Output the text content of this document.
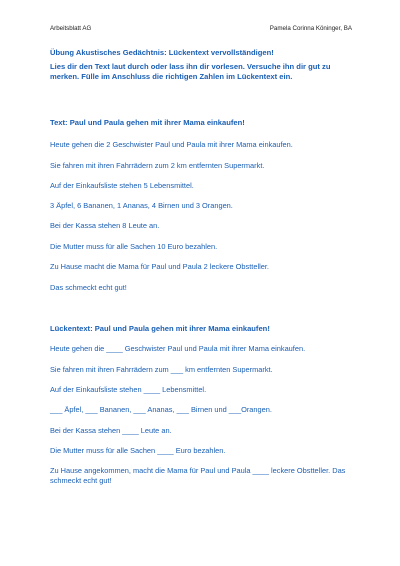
Arbeitsblatt AG	Pamela Corinna Köninger, BA
Übung Akustisches Gedächtnis: Lückentext vervollständigen!
Lies dir den Text laut durch oder lass ihn dir vorlesen. Versuche ihn dir gut zu merken. Fülle im Anschluss die richtigen Zahlen im Lückentext ein.
Text: Paul und Paula gehen mit ihrer Mama einkaufen!
Heute gehen die 2 Geschwister Paul und Paula mit ihrer Mama einkaufen.
Sie fahren mit ihren Fahrrädern zum 2 km entfernten Supermarkt.
Auf der Einkaufsliste stehen 5 Lebensmittel.
3 Äpfel, 6 Bananen, 1 Ananas, 4 Birnen und 3 Orangen.
Bei der Kassa stehen 8 Leute an.
Die Mutter muss für alle Sachen 10 Euro bezahlen.
Zu Hause macht die Mama für Paul und Paula 2 leckere Obstteller.
Das schmeckt echt gut!
Lückentext: Paul und Paula gehen mit ihrer Mama einkaufen!
Heute gehen die ____ Geschwister Paul und Paula mit ihrer Mama einkaufen.
Sie fahren mit ihren Fahrrädern zum ___ km entfernten Supermarkt.
Auf der Einkaufsliste stehen ____ Lebensmittel.
___ Äpfel, ___ Bananen, ___ Ananas, ___ Birnen und ___Orangen.
Bei der Kassa stehen ____ Leute an.
Die Mutter muss für alle Sachen ____ Euro bezahlen.
Zu Hause angekommen, macht die Mama für Paul und Paula ____ leckere Obstteller. Das schmeckt echt gut!
